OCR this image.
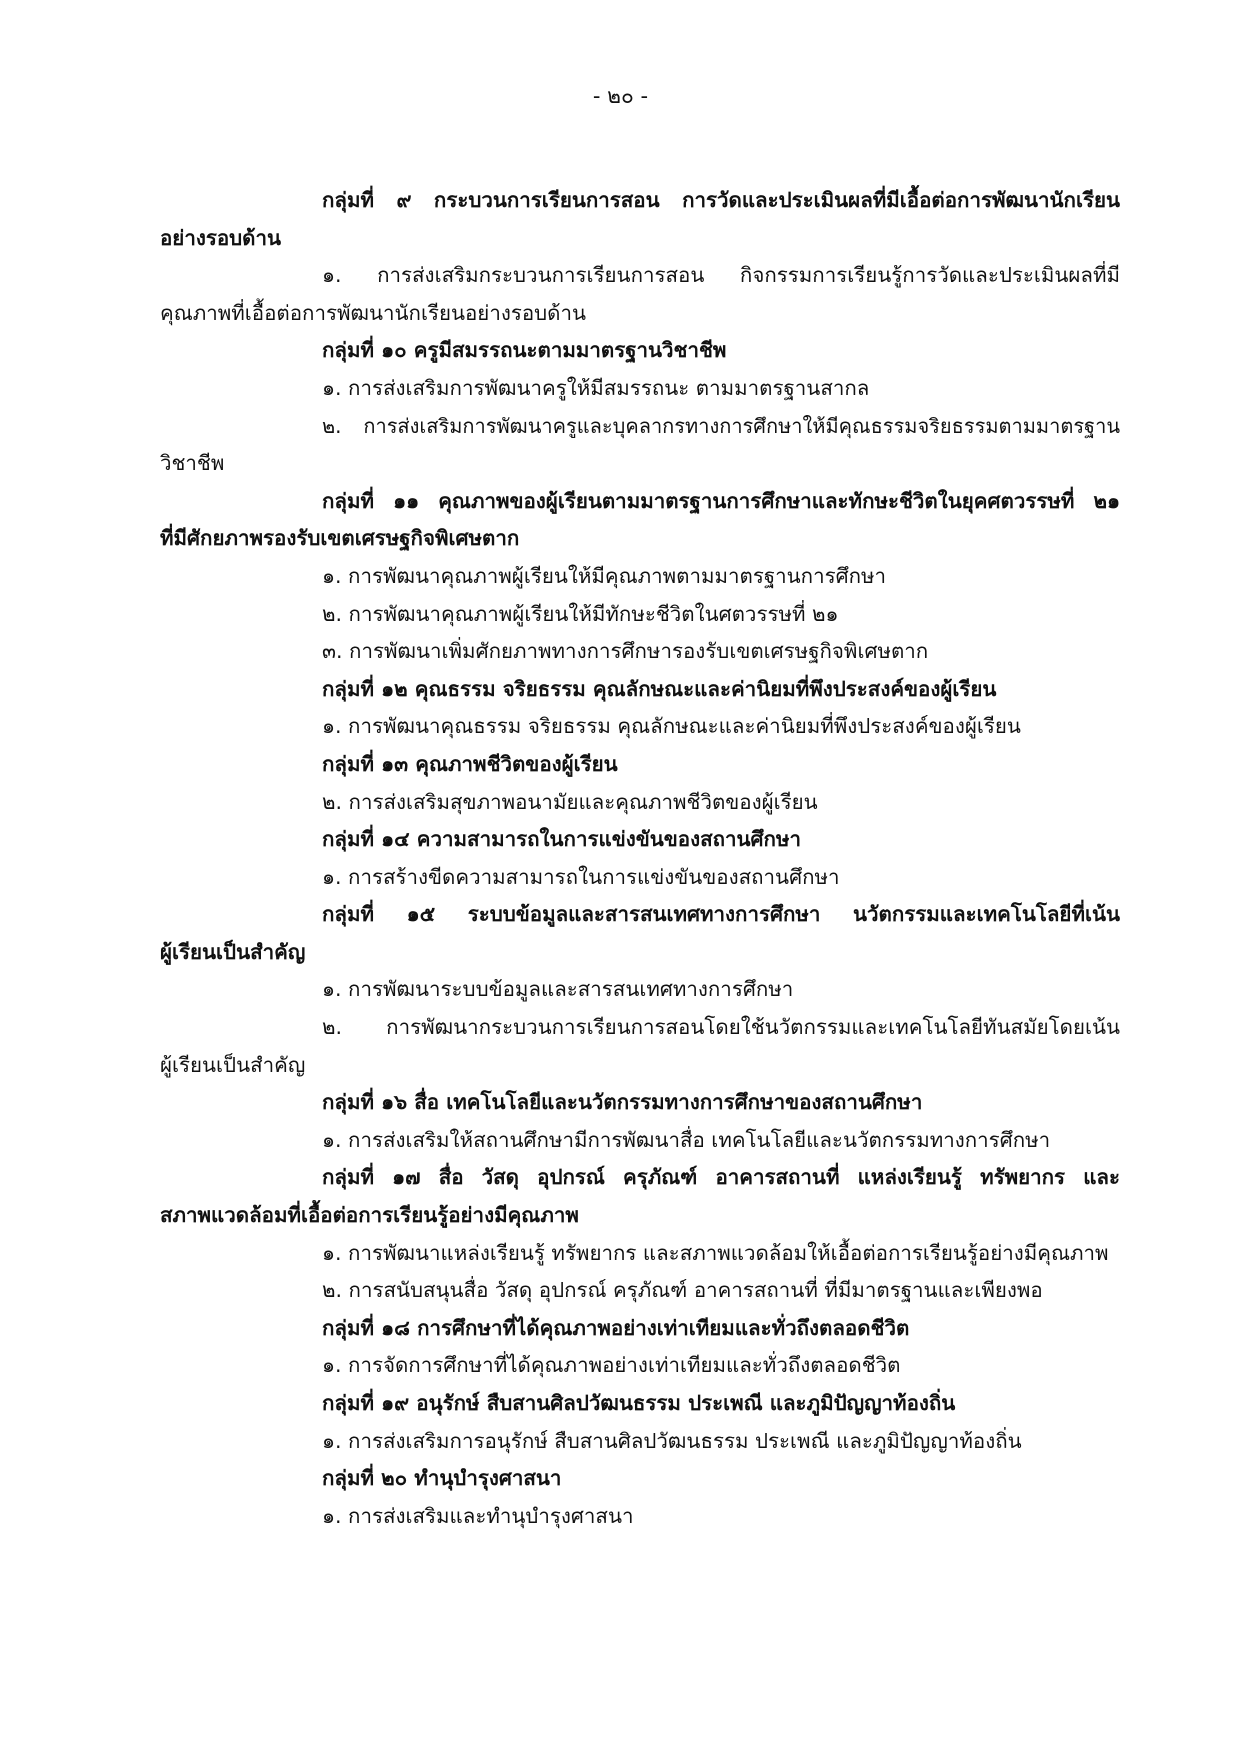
- ๒๐ -
กลุ่มที่ ๙ กระบวนการเรียนการสอน การวัดและประเมินผลที่มีเอื้อต่อการพัฒนานักเรียน
อย่างรอบด้าน
๑. การส่งเสริมกระบวนการเรียนการสอน กิจกรรมการเรียนรู้การวัดและประเมินผลที่มี
คุณภาพที่เอื้อต่อการพัฒนานักเรียนอย่างรอบด้าน
กลุ่มที่ ๑๐ ครูมีสมรรถนะตามมาตรฐานวิชาชีพ
๑. การส่งเสริมการพัฒนาครูให้มีสมรรถนะ ตามมาตรฐานสากล
๒. การส่งเสริมการพัฒนาครูและบุคลากรทางการศึกษาให้มีคุณธรรมจริยธรรมตามมาตรฐาน
วิชาชีพ
กลุ่มที่ ๑๑ คุณภาพของผู้เรียนตามมาตรฐานการศึกษาและทักษะชีวิตในยุคศตวรรษที่ ๒๑
ที่มีศักยภาพรองรับเขตเศรษฐกิจพิเศษตาก
๑. การพัฒนาคุณภาพผู้เรียนให้มีคุณภาพตามมาตรฐานการศึกษา
๒. การพัฒนาคุณภาพผู้เรียนให้มีทักษะชีวิตในศตวรรษที่ ๒๑
๓. การพัฒนาเพิ่มศักยภาพทางการศึกษารองรับเขตเศรษฐกิจพิเศษตาก
กลุ่มที่ ๑๒ คุณธรรม จริยธรรม คุณลักษณะและค่านิยมที่พึงประสงค์ของผู้เรียน
๑. การพัฒนาคุณธรรม จริยธรรม คุณลักษณะและค่านิยมที่พึงประสงค์ของผู้เรียน
กลุ่มที่ ๑๓ คุณภาพชีวิตของผู้เรียน
๒. การส่งเสริมสุขภาพอนามัยและคุณภาพชีวิตของผู้เรียน
กลุ่มที่ ๑๔ ความสามารถในการแข่งขันของสถานศึกษา
๑. การสร้างขีดความสามารถในการแข่งขันของสถานศึกษา
กลุ่มที่ ๑๕ ระบบข้อมูลและสารสนเทศทางการศึกษา นวัตกรรมและเทคโนโลยีที่เน้น
ผู้เรียนเป็นสำคัญ
๑. การพัฒนาระบบข้อมูลและสารสนเทศทางการศึกษา
๒. การพัฒนากระบวนการเรียนการสอนโดยใช้นวัตกรรมและเทคโนโลยีทันสมัยโดยเน้น
ผู้เรียนเป็นสำคัญ
กลุ่มที่ ๑๖ สื่อ เทคโนโลยีและนวัตกรรมทางการศึกษาของสถานศึกษา
๑. การส่งเสริมให้สถานศึกษามีการพัฒนาสื่อ เทคโนโลยีและนวัตกรรมทางการศึกษา
กลุ่มที่ ๑๗ สื่อ วัสดุ อุปกรณ์ ครุภัณฑ์ อาคารสถานที่ แหล่งเรียนรู้ ทรัพยากร และ
สภาพแวดล้อมที่เอื้อต่อการเรียนรู้อย่างมีคุณภาพ
๑. การพัฒนาแหล่งเรียนรู้ ทรัพยากร และสภาพแวดล้อมให้เอื้อต่อการเรียนรู้อย่างมีคุณภาพ
๒. การสนับสนุนสื่อ วัสดุ อุปกรณ์ ครุภัณฑ์ อาคารสถานที่ ที่มีมาตรฐานและเพียงพอ
กลุ่มที่ ๑๘ การศึกษาที่ได้คุณภาพอย่างเท่าเทียมและทั่วถึงตลอดชีวิต
๑. การจัดการศึกษาที่ได้คุณภาพอย่างเท่าเทียมและทั่วถึงตลอดชีวิต
กลุ่มที่ ๑๙ อนุรักษ์ สืบสานศิลปวัฒนธรรม ประเพณี และภูมิปัญญาท้องถิ่น
๑. การส่งเสริมการอนุรักษ์ สืบสานศิลปวัฒนธรรม ประเพณี และภูมิปัญญาท้องถิ่น
กลุ่มที่ ๒๐ ทำนุบำรุงศาสนา
๑. การส่งเสริมและทำนุบำรุงศาสนา
